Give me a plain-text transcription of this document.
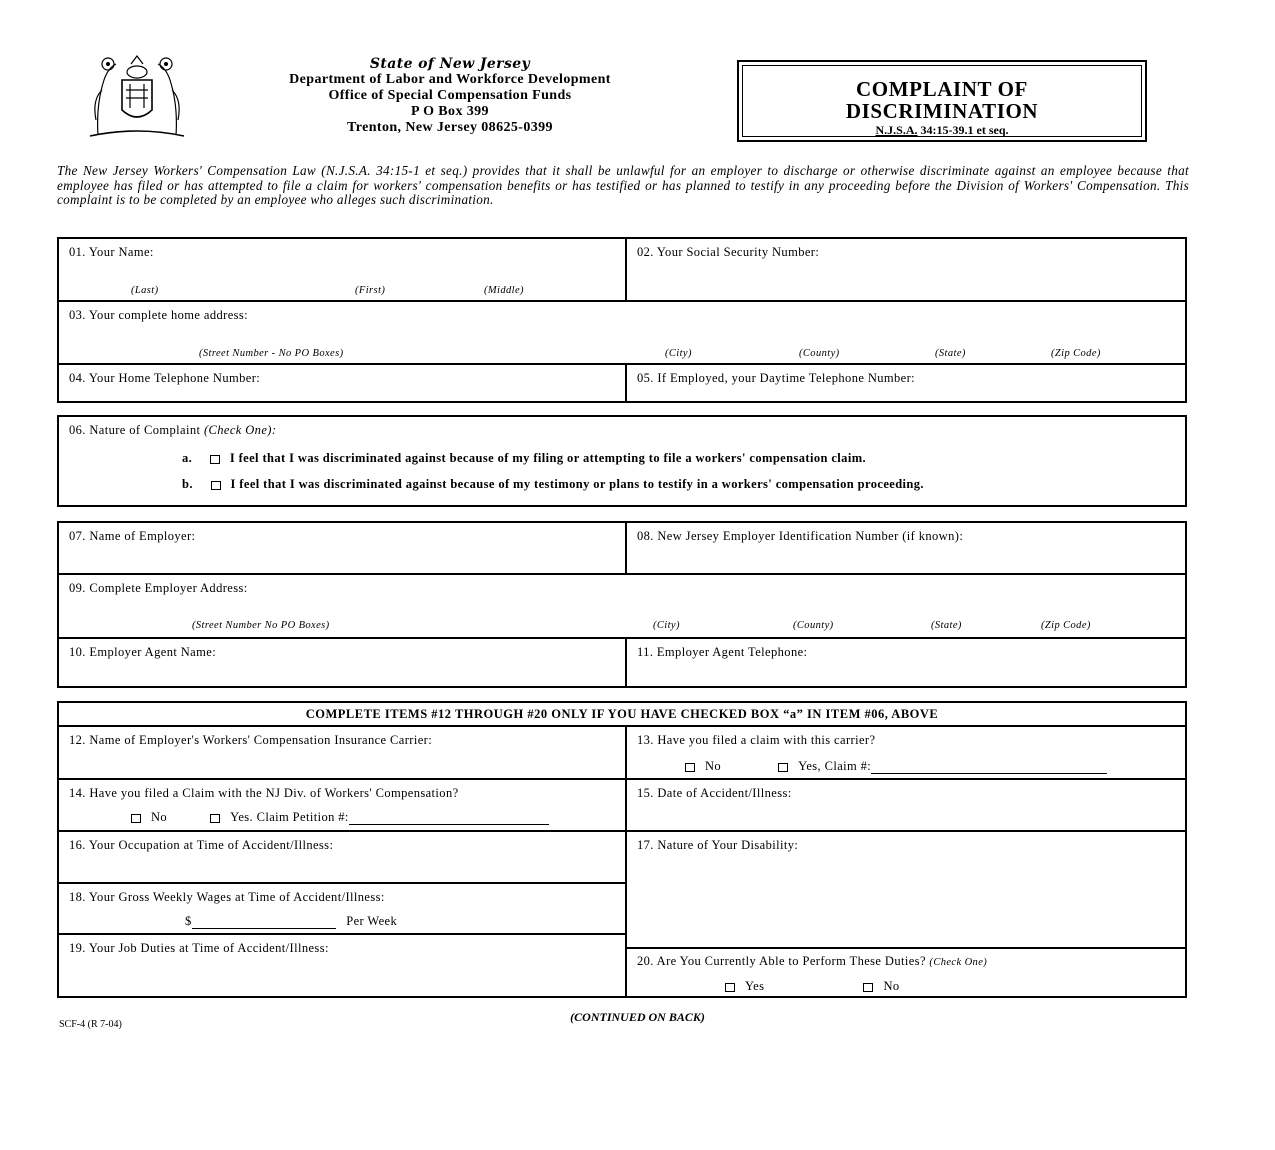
State of New Jersey
Department of Labor and Workforce Development
Office of Special Compensation Funds
P O Box 399
Trenton, New Jersey 08625-0399
COMPLAINT OF
DISCRIMINATION
N.J.S.A. 34:15-39.1 et seq.
The New Jersey Workers' Compensation Law (N.J.S.A. 34:15-1 et seq.) provides that it shall be unlawful for an employer to discharge or otherwise discriminate against an employee because that employee has filed or has attempted to file a claim for workers' compensation benefits or has testified or has planned to testify in any proceeding before the Division of Workers' Compensation. This complaint is to be completed by an employee who alleges such discrimination.
01. Your Name:
(Last)	(First)	(Middle)
02. Your Social Security Number:
03. Your complete home address:
(Street Number - No PO Boxes)	(City)	(County)	(State)	(Zip Code)
04. Your Home Telephone Number:	05. If Employed, your Daytime Telephone Number:
06. Nature of Complaint (Check One):
a.	I feel that I was discriminated against because of my filing or attempting to file a workers' compensation claim.
b.	I feel that I was discriminated against because of my testimony or plans to testify in a workers' compensation proceeding.
07. Name of Employer:	08. New Jersey Employer Identification Number (if known):
09. Complete Employer Address:
(Street Number No PO Boxes)	(City)	(County)	(State)	(Zip Code)
10. Employer Agent Name:	11. Employer Agent Telephone:
COMPLETE ITEMS #12 THROUGH #20 ONLY IF YOU HAVE CHECKED BOX “a” IN ITEM #06, ABOVE
12. Name of Employer's Workers' Compensation Insurance Carrier:	13. Have you filed a claim with this carrier?
No	Yes, Claim #:
14. Have you filed a Claim with the NJ Div. of Workers' Compensation?
No	Yes. Claim Petition #:
15. Date of Accident/Illness:
16. Your Occupation at Time of Accident/Illness:	17. Nature of Your Disability:
18. Your Gross Weekly Wages at Time of Accident/Illness:
$	Per Week
19. Your Job Duties at Time of Accident/Illness:
20. Are You Currently Able to Perform These Duties? (Check One)
Yes	No
(CONTINUED ON BACK)
SCF-4 (R 7-04)
